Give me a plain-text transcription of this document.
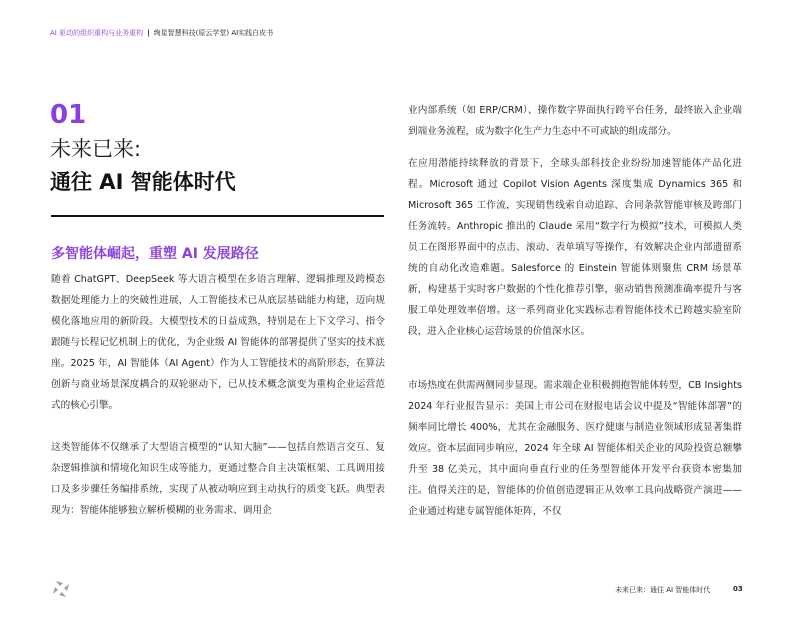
AI 驱动的组织重构与业务重构 | 绚星智慧科技(原云学堂) AI实践白皮书
01
未来已来:
通往 AI 智能体时代
多智能体崛起，重塑 AI 发展路径

随着 ChatGPT、DeepSeek 等大语言模型在多语言理解、逻辑推理及跨模态数据处理能力上的突破性进展，人工智能技术已从底层基础能力构建，迈向规模化落地应用的新阶段。大模型技术的日益成熟，特别是在上下文学习、指令跟随与长程记忆机制上的优化，为企业级 AI 智能体的部署提供了坚实的技术底座。2025 年，AI 智能体（AI Agent）作为人工智能技术的高阶形态，在算法创新与商业场景深度耦合的双轮驱动下，已从技术概念演变为重构企业运营范式的核心引擎。

这类智能体不仅继承了大型语言模型的“认知大脑”——包括自然语言交互、复杂逻辑推演和情境化知识生成等能力，更通过整合自主决策框架、工具调用接口及多步骤任务编排系统，实现了从被动响应到主动执行的质变飞跃。典型表现为：智能体能够独立解析模糊的业务需求、调用企

业内部系统（如 ERP/CRM）、操作数字界面执行跨平台任务，最终嵌入企业端到端业务流程，成为数字化生产力生态中不可或缺的组成部分。

在应用潜能持续释放的背景下，全球头部科技企业纷纷加速智能体产品化进程。Microsoft 通过 Copilot Vision Agents 深度集成 Dynamics 365 和 Microsoft 365 工作流，实现销售线索自动追踪、合同条款智能审核及跨部门任务流转。Anthropic 推出的 Claude 采用“数字行为模拟”技术，可模拟人类员工在图形界面中的点击、滚动、表单填写等操作，有效解决企业内部遗留系统的自动化改造难题。Salesforce 的 Einstein 智能体则聚焦 CRM 场景革新，构建基于实时客户数据的个性化推荐引擎，驱动销售预测准确率提升与客服工单处理效率倍增。这一系列商业化实践标志着智能体技术已跨越实验室阶段，进入企业核心运营场景的价值深水区。

市场热度在供需两侧同步显现。需求端企业积极拥抱智能体转型，CB Insights 2024 年行业报告显示：美国上市公司在财报电话会议中提及“智能体部署”的频率同比增长 400%，尤其在金融服务、医疗健康与制造业领域形成显著集群效应。资本层面同步响应，2024 年全球 AI 智能体相关企业的风险投资总额攀升至 38 亿美元，其中面向垂直行业的任务型智能体开发平台获资本密集加注。值得关注的是，智能体的价值创造逻辑正从效率工具向战略资产演进——企业通过构建专属智能体矩阵，不仅

未来已来：通往 AI 智能体时代	03
